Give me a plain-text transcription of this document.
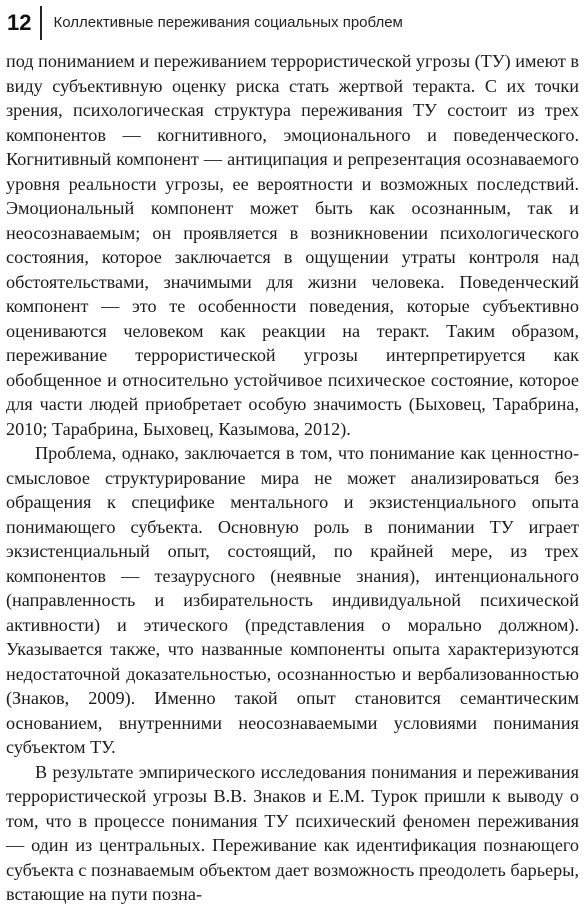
12	Коллективные переживания социальных проблем

под пониманием и переживанием террористической угрозы (ТУ) имеют в виду субъективную оценку риска стать жертвой теракта. С их точки зрения, психологическая структура переживания ТУ состоит из трех компонентов — когнитивного, эмоционального и поведенческого. Когнитивный компонент — антиципация и репрезентация осознаваемого уровня реальности угрозы, ее вероятности и возможных последствий. Эмоциональный компонент может быть как осознанным, так и неосознаваемым; он проявляется в возникновении психологического состояния, которое заключается в ощущении утраты контроля над обстоятельствами, значимыми для жизни человека. Поведенческий компонент — это те особенности поведения, которые субъективно оцениваются человеком как реакции на теракт. Таким образом, переживание террористической угрозы интерпретируется как обобщенное и относительно устойчивое психическое состояние, которое для части людей приобретает особую значимость (Быховец, Тарабрина, 2010; Тарабрина, Быховец, Казымова, 2012).

Проблема, однако, заключается в том, что понимание как ценностно-смысловое структурирование мира не может анализироваться без обращения к специфике ментального и экзистенциального опыта понимающего субъекта. Основную роль в понимании ТУ играет экзистенциальный опыт, состоящий, по крайней мере, из трех компонентов — тезаурусного (неявные знания), интенционального (направленность и избирательность индивидуальной психической активности) и этического (представления о морально должном). Указывается также, что названные компоненты опыта характеризуются недостаточной доказательностью, осознанностью и вербализованностью (Знаков, 2009). Именно такой опыт становится семантическим основанием, внутренними неосознаваемыми условиями понимания субъектом ТУ.

В результате эмпирического исследования понимания и переживания террористической угрозы В.В. Знаков и Е.М. Турок пришли к выводу о том, что в процессе понимания ТУ психический феномен переживания — один из центральных. Переживание как идентификация познающего субъекта с познаваемым объектом дает возможность преодолеть барьеры, встающие на пути позна-
